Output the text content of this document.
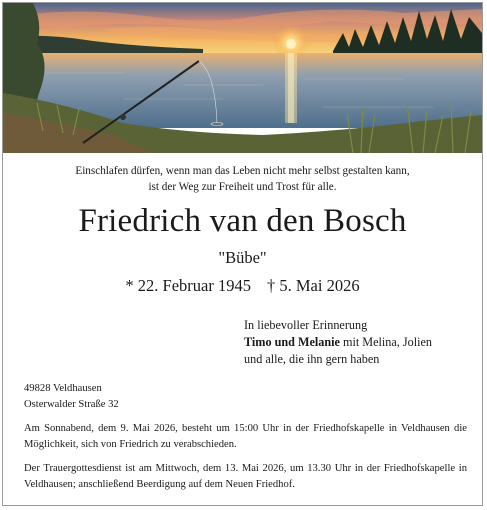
Einschlafen dürfen, wenn man das Leben nicht mehr selbst gestalten kann,
ist der Weg zur Freiheit und Trost für alle.
Friedrich van den Bosch
"Bübe"
* 22. Februar 1945 † 5. Mai 2026
In liebevoller Erinnerung
Timo und Melanie mit Melina, Jolien
und alle, die ihn gern haben
49828 Veldhausen
Osterwalder Straße 32
Am Sonnabend, dem 9. Mai 2026, besteht um 15:00 Uhr in der Friedhofskapelle in Veldhausen die Möglichkeit, sich von Friedrich zu verabschieden.
Der Trauergottesdienst ist am Mittwoch, dem 13. Mai 2026, um 13.30 Uhr in der Friedhofskapelle in Veldhausen; anschließend Beerdigung auf dem Neuen Friedhof.
